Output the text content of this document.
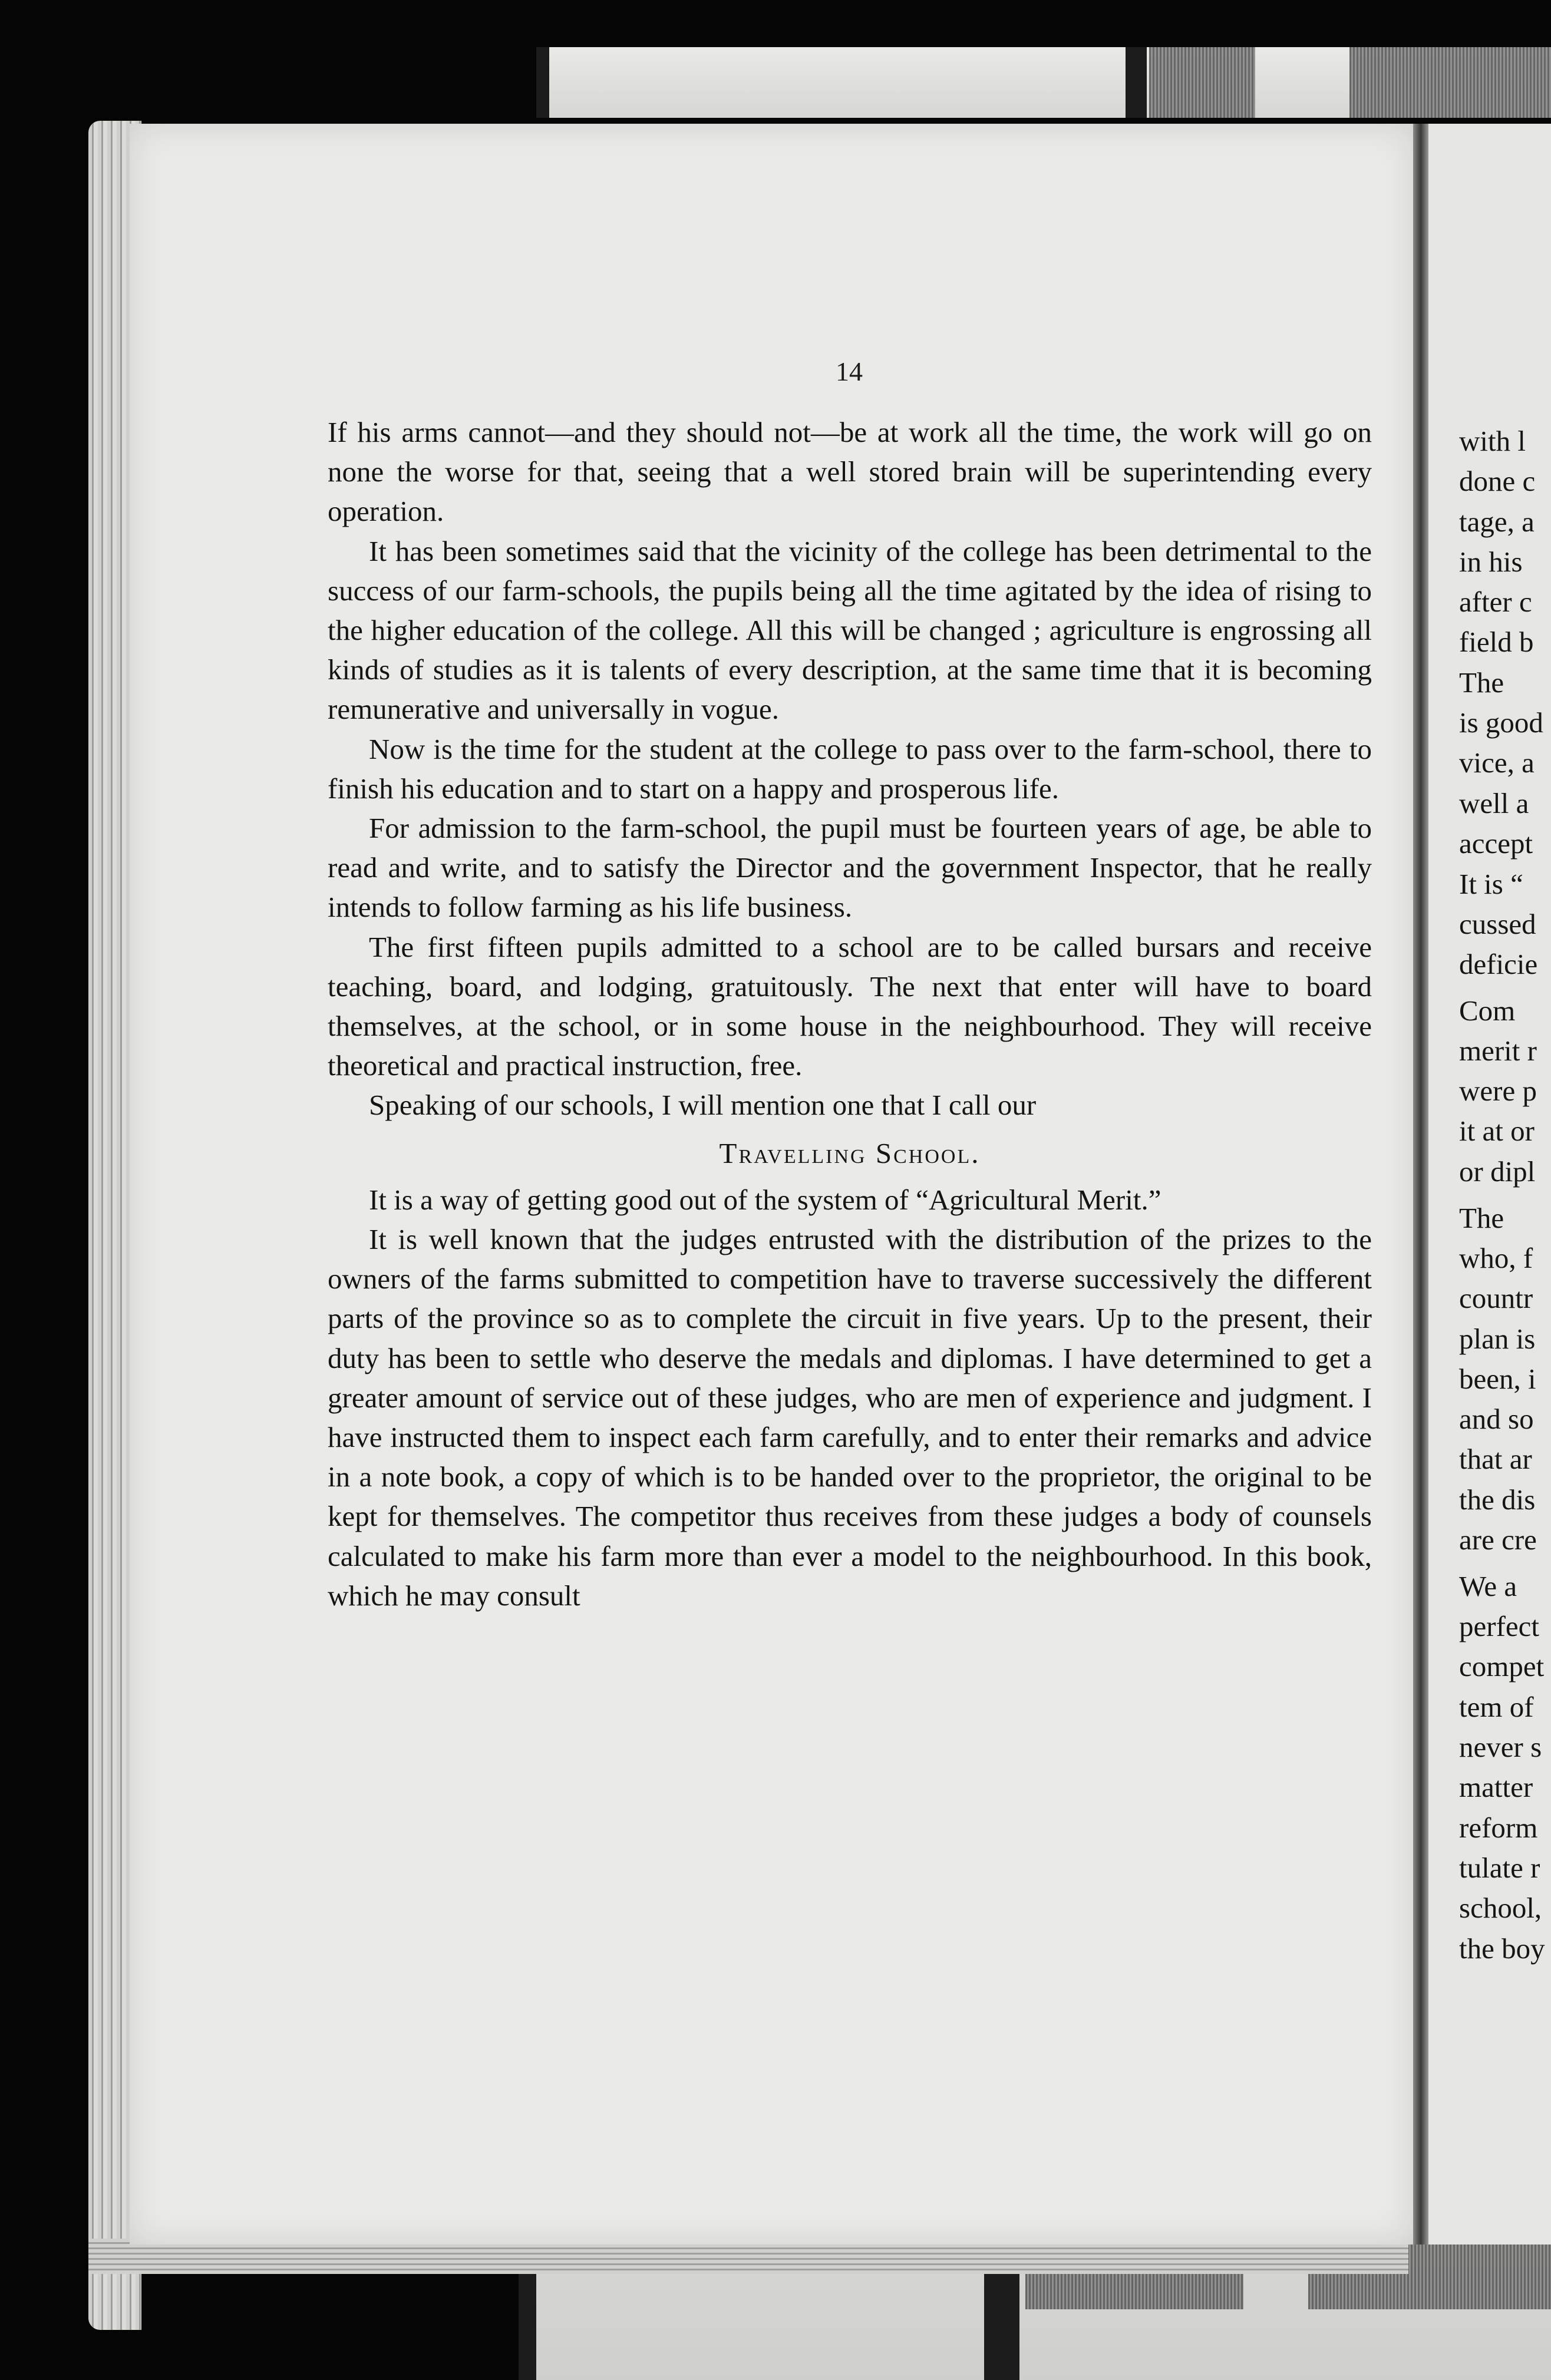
with l
done c
tage, a
in his
after c
field b
The
is good
vice, a
well a
accept
It is “
cussed
deficie
Com
merit r
were p
it at or
or dipl
The
who, f
countr
plan is
been, i
and so
that ar
the dis
are cre
We a
perfect
compet
tem of
never s
matter
reform
tulate r
school,
the boy
14

If his arms cannot—and they should not—be at work all the time, the work will go on none the worse for that, seeing that a well stored brain will be superintending every operation.

It has been sometimes said that the vicinity of the college has been detrimental to the success of our farm-schools, the pupils being all the time agitated by the idea of rising to the higher education of the college. All this will be changed ; agriculture is engrossing all kinds of studies as it is talents of every description, at the same time that it is becoming remunerative and universally in vogue.

Now is the time for the student at the college to pass over to the farm-school, there to finish his education and to start on a happy and prosperous life.

For admission to the farm-school, the pupil must be fourteen years of age, be able to read and write, and to satisfy the Director and the government Inspector, that he really intends to follow farming as his life business.

The first fifteen pupils admitted to a school are to be called bursars and receive teaching, board, and lodging, gratuitously. The next that enter will have to board themselves, at the school, or in some house in the neighbourhood. They will receive theoretical and practical instruction, free.

Speaking of our schools, I will mention one that I call our

Travelling School.

It is a way of getting good out of the system of “Agricultural Merit.”

It is well known that the judges entrusted with the distribution of the prizes to the owners of the farms submitted to competition have to traverse successively the different parts of the province so as to complete the circuit in five years. Up to the present, their duty has been to settle who deserve the medals and diplomas. I have determined to get a greater amount of service out of these judges, who are men of experience and judgment. I have instructed them to inspect each farm carefully, and to enter their remarks and advice in a note book, a copy of which is to be handed over to the proprietor, the original to be kept for themselves. The competitor thus receives from these judges a body of counsels calculated to make his farm more than ever a model to the neighbourhood. In this book, which he may consult
